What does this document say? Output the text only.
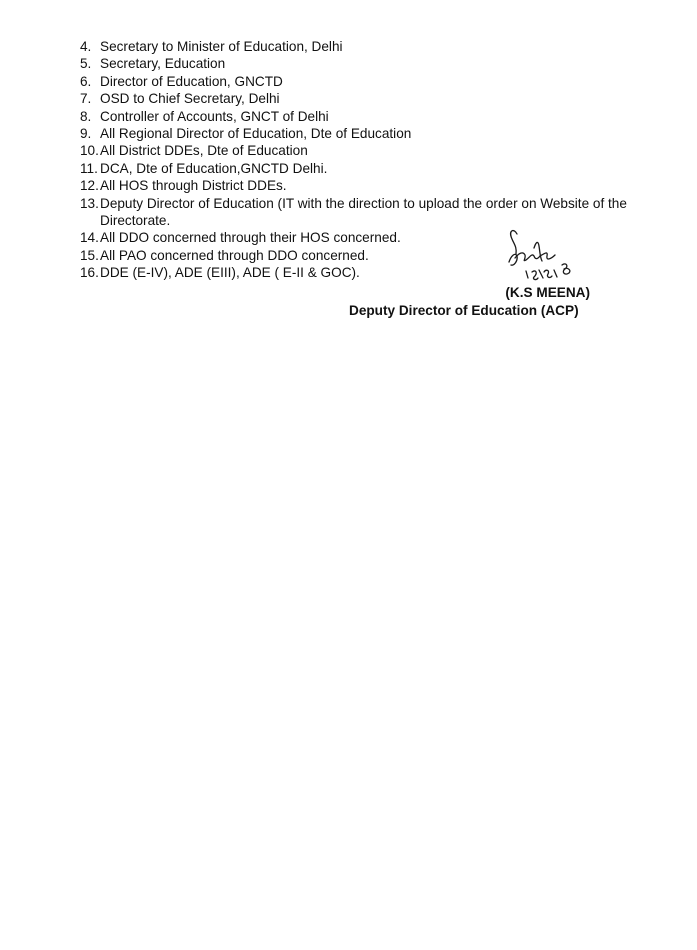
4. Secretary to Minister of Education, Delhi
5. Secretary, Education
6. Director of Education, GNCTD
7. OSD to Chief Secretary, Delhi
8. Controller of Accounts, GNCT of Delhi
9. All Regional Director of Education, Dte of Education
10. All District DDEs, Dte of Education
11. DCA, Dte of Education,GNCTD Delhi.
12. All HOS through District DDEs.
13. Deputy Director of Education (IT with the direction to upload the order on Website of the Directorate.
14. All DDO concerned through their HOS concerned.
15. All PAO concerned through DDO concerned.
16. DDE (E-IV), ADE (EIII), ADE ( E-II & GOC).
(K.S MEENA)
Deputy Director of Education (ACP)
